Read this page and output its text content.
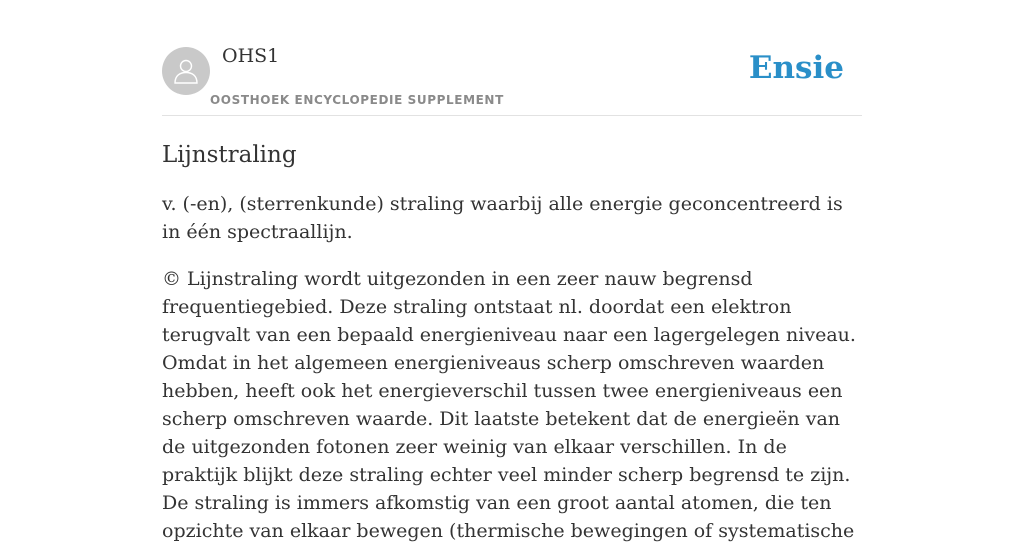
OHS1
OOSTHOEK ENCYCLOPEDIE SUPPLEMENT
Ensie
Lijnstraling

v. (-en), (sterrenkunde) straling waarbij alle energie geconcentreerd is in één spectraallijn.

© Lijnstraling wordt uitgezonden in een zeer nauw begrensd frequentiegebied. Deze straling ontstaat nl. doordat een elektron terugvalt van een bepaald energieniveau naar een lagergelegen niveau. Omdat in het algemeen energieniveaus scherp omschreven waarden hebben, heeft ook het energieverschil tussen twee energieniveaus een scherp omschreven waarde. Dit laatste betekent dat de energieën van de uitgezonden fotonen zeer weinig van elkaar verschillen. In de praktijk blijkt deze straling echter veel minder scherp begrensd te zijn. De straling is immers afkomstig van een groot aantal atomen, die ten opzichte van elkaar bewegen (thermische bewegingen of systematische
